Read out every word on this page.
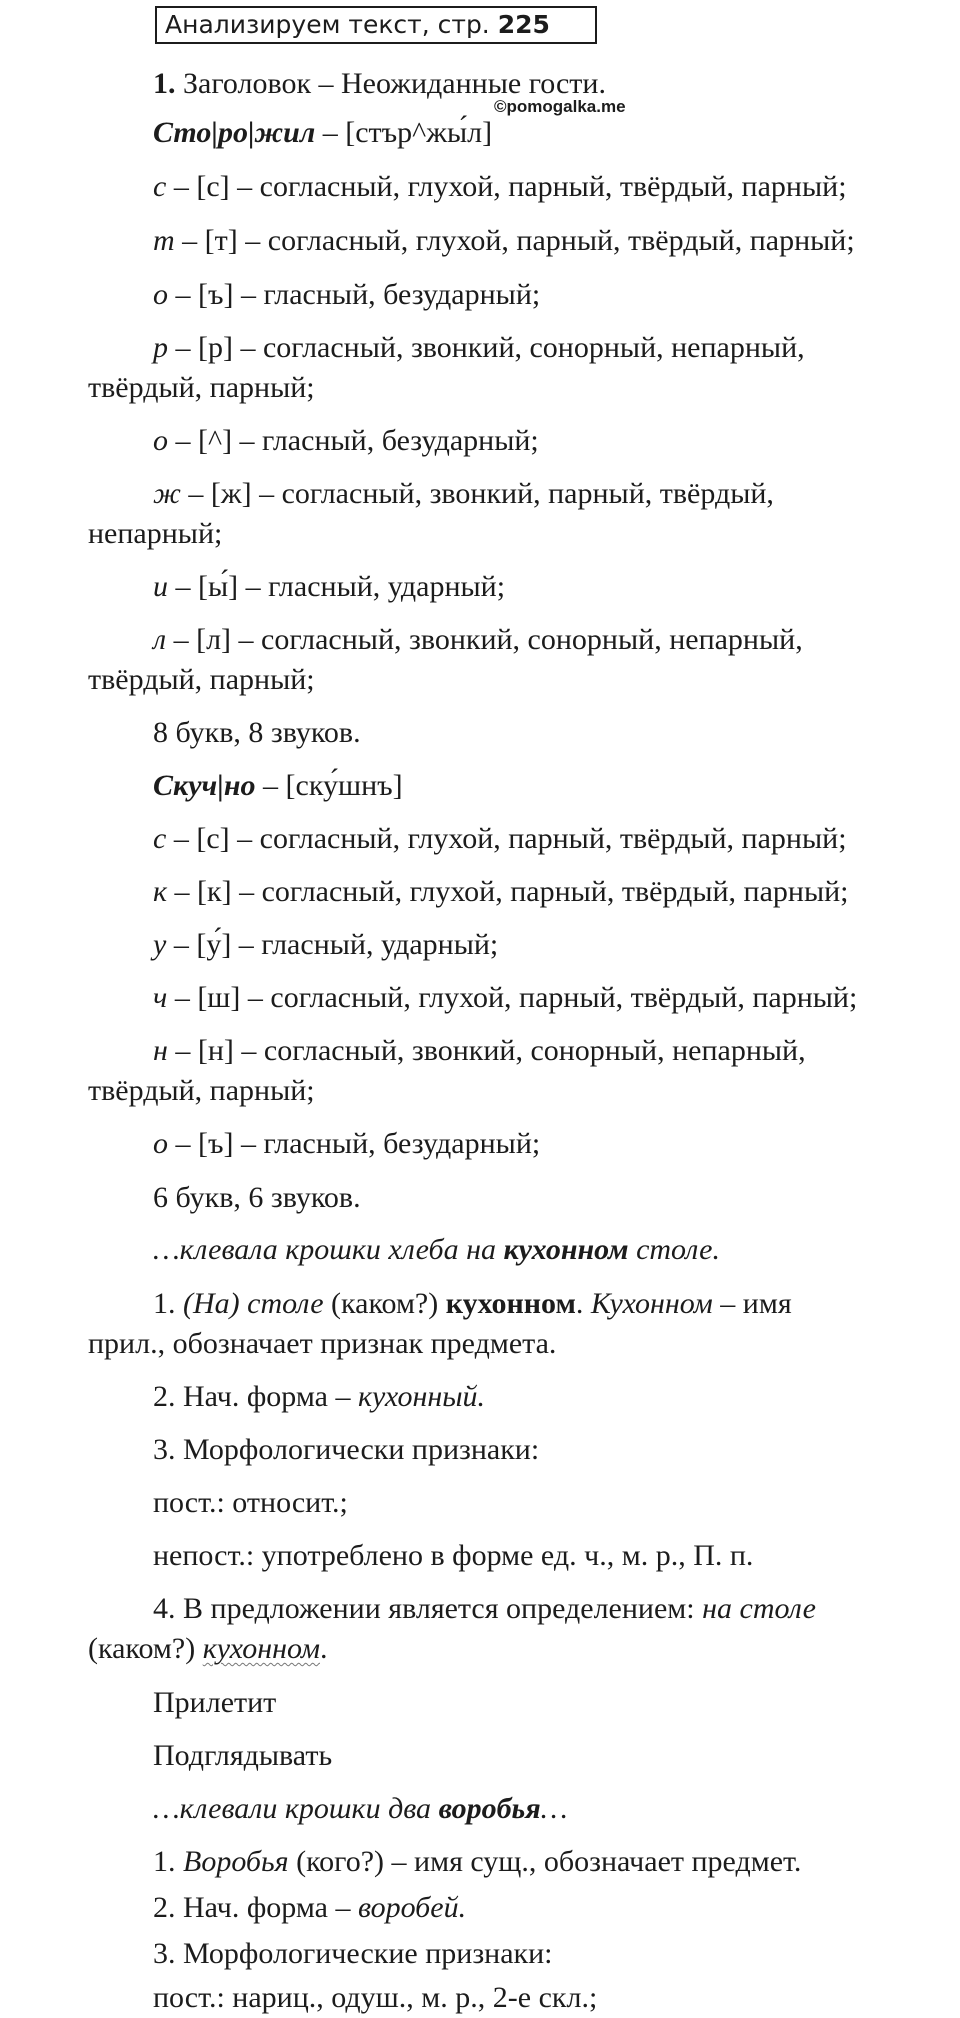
Анализируем текст, стр. 225
©pomogalka.me
1. Заголовок – Неожиданные гости.
Сто|ро|жил – [стър^жы́л]
с – [с] – согласный, глухой, парный, твёрдый, парный;
т – [т] – согласный, глухой, парный, твёрдый, парный;
о – [ъ] – гласный, безударный;
р – [р] – согласный, звонкий, сонорный, непарный,
твёрдый, парный;
о – [^] – гласный, безударный;
ж – [ж] – согласный, звонкий, парный, твёрдый,
непарный;
и – [ы́] – гласный, ударный;
л – [л] – согласный, звонкий, сонорный, непарный,
твёрдый, парный;
8 букв, 8 звуков.
Скуч|но – [ску́шнъ]
с – [с] – согласный, глухой, парный, твёрдый, парный;
к – [к] – согласный, глухой, парный, твёрдый, парный;
у – [у́] – гласный, ударный;
ч – [ш] – согласный, глухой, парный, твёрдый, парный;
н – [н] – согласный, звонкий, сонорный, непарный,
твёрдый, парный;
о – [ъ] – гласный, безударный;
6 букв, 6 звуков.
…клевала крошки хлеба на кухонном столе.
1. (На) столе (каком?) кухонном. Кухонном – имя
прил., обозначает признак предмета.
2. Нач. форма – кухонный.
3. Морфологически признаки:
пост.: относит.;
непост.: употреблено в форме ед. ч., м. р., П. п.
4. В предложении является определением: на столе
(каком?) кухонном.
Прилетит
Подглядывать
…клевали крошки два воробья…
1. Воробья (кого?) – имя сущ., обозначает предмет.
2. Нач. форма – воробей.
3. Морфологические признаки:
пост.: нариц., одуш., м. р., 2-е скл.;
